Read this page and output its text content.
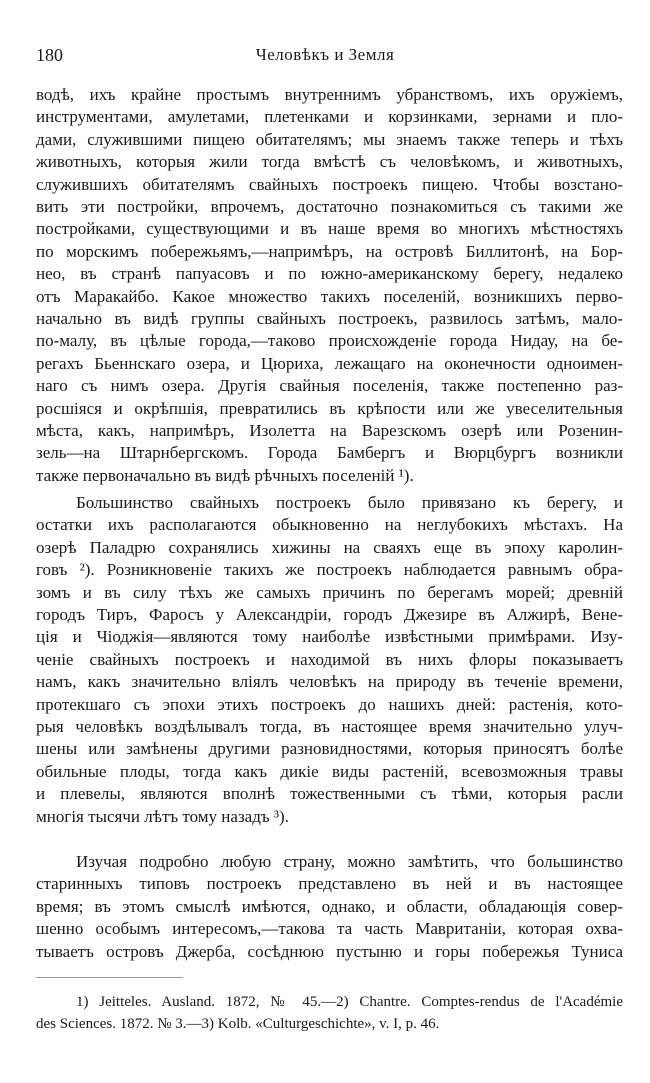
180	Человѣкъ и Земля
водѣ, ихъ крайне простымъ внутреннимъ убранствомъ, ихъ оружіемъ,
инструментами, амулетами, плетенками и корзинками, зернами и пло-
дами, служившими пищею обитателямъ; мы знаемъ также теперь и тѣхъ
животныхъ, которыя жили тогда вмѣстѣ съ человѣкомъ, и животныхъ,
служившихъ обитателямъ свайныхъ построекъ пищею. Чтобы возстано-
вить эти постройки, впрочемъ, достаточно познакомиться съ такими же
постройками, существующими и въ наше время во многихъ мѣстностяхъ
по морскимъ побережьямъ,—напримѣръ, на островѣ Биллитонѣ, на Бор-
нео, въ странѣ папуасовъ и по южно-американскому берегу, недалеко
отъ Маракайбо. Какое множество такихъ поселеній, возникшихъ перво-
начально въ видѣ группы свайныхъ построекъ, развилось затѣмъ, мало-
по-малу, въ цѣлые города,—таково происхожденіе города Нидау, на бе-
регахъ Бьеннскаго озера, и Цюриха, лежащаго на оконечности одноимен-
наго съ нимъ озера. Другія свайныя поселенія, также постепенно раз-
росшіяся и окрѣпшія, превратились въ крѣпости или же увеселительныя
мѣста, какъ, напримѣръ, Изолетта на Варезскомъ озерѣ или Розенин-
зель—на Штарнбергскомъ. Города Бамбергъ и Вюрцбургъ возникли
также первоначально въ видѣ рѣчныхъ поселеній ¹).
Большинство свайныхъ построекъ было привязано къ берегу, и
остатки ихъ располагаются обыкновенно на неглубокихъ мѣстахъ. На
озерѣ Паладрю сохранялись хижины на сваяхъ еще въ эпоху каролин-
говъ ²). Розникновеніе такихъ же построекъ наблюдается равнымъ обра-
зомъ и въ силу тѣхъ же самыхъ причинъ по берегамъ морей; древній
городъ Тиръ, Фаросъ у Александріи, городъ Джезире въ Алжирѣ, Вене-
ція и Чіоджія—являются тому наиболѣе извѣстными примѣрами. Изу-
ченіе свайныхъ построекъ и находимой въ нихъ флоры показываетъ
намъ, какъ значительно вліялъ человѣкъ на природу въ теченіе времени,
протекшаго съ эпохи этихъ построекъ до нашихъ дней: растенія, кото-
рыя человѣкъ воздѣлывалъ тогда, въ настоящее время значительно улуч-
шены или замѣнены другими разновидностями, которыя приносятъ болѣе
обильные плоды, тогда какъ дикіе виды растеній, всевозможныя травы
и плевелы, являются вполнѣ тожественными съ тѣми, которыя расли
многія тысячи лѣтъ тому назадъ ³).
Изучая подробно любую страну, можно замѣтить, что большинство
старинныхъ типовъ построекъ представлено въ ней и въ настоящее
время; въ этомъ смыслѣ имѣются, однако, и области, обладающія совер-
шенно особымъ интересомъ,—такова та часть Мавританіи, которая охва-
тываетъ островъ Джерба, сосѣднюю пустыню и горы побережья Туниса
1) Jeitteles. Ausland. 1872, № 45.—2) Chantre. Comptes-rendus de l'Académie
des Sciences. 1872. № 3.—3) Kolb. «Culturgeschichte», v. I, p. 46.
